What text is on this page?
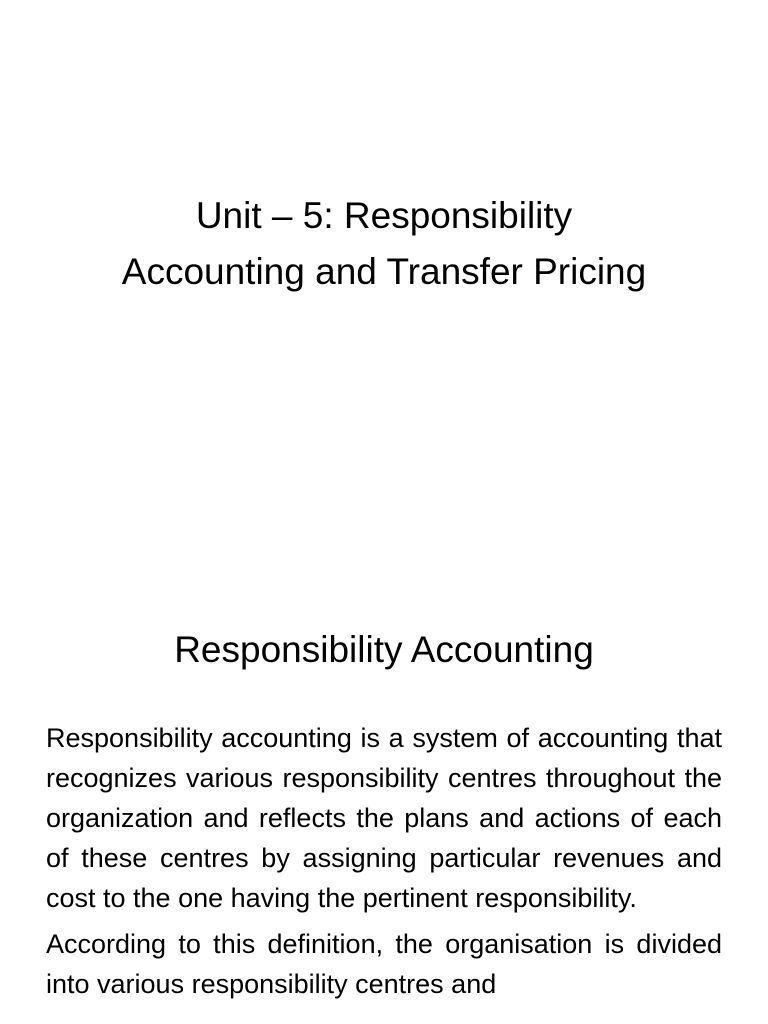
Unit – 5: Responsibility
Accounting and Transfer Pricing
Responsibility Accounting

Responsibility accounting is a system of accounting that recognizes various responsibility centres throughout the organization and reflects the plans and actions of each of these centres by assigning particular revenues and cost to the one having the pertinent responsibility.

According to this definition, the organisation is divided into various responsibility centres and
